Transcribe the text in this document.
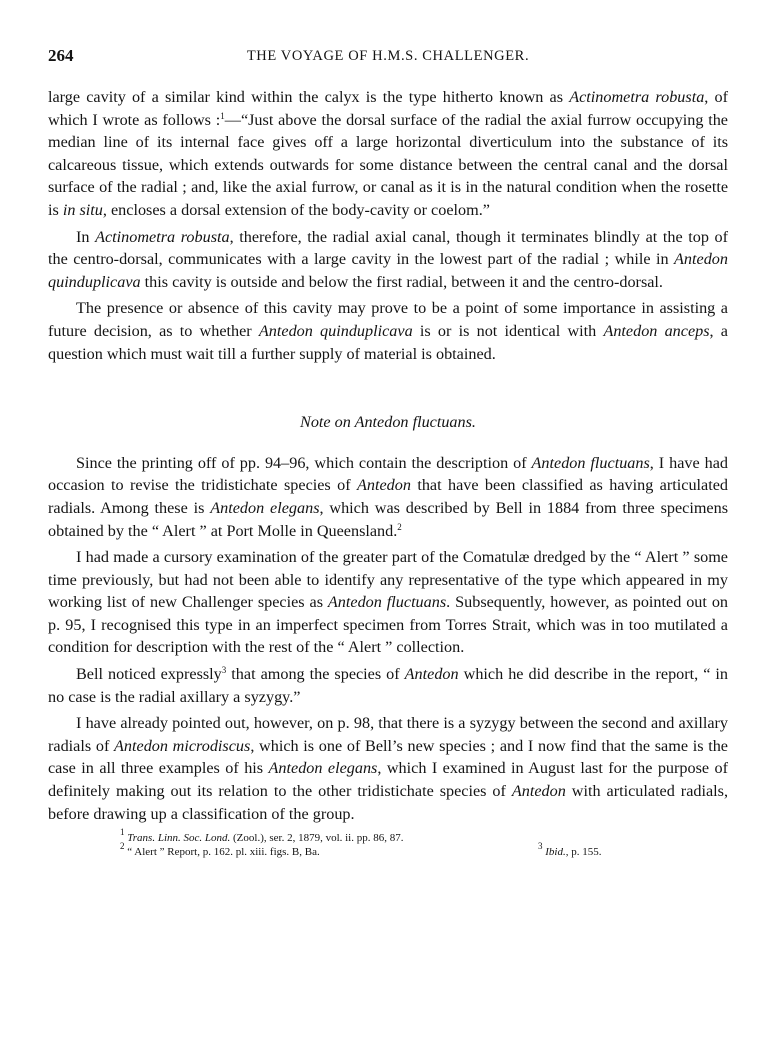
264	THE VOYAGE OF H.M.S. CHALLENGER.

large cavity of a similar kind within the calyx is the type hitherto known as Actinometra robusta, of which I wrote as follows :$^1$—“Just above the dorsal surface of the radial the axial furrow occupying the median line of its internal face gives off a large horizontal diverticulum into the substance of its calcareous tissue, which extends outwards for some distance between the central canal and the dorsal surface of the radial ; and, like the axial furrow, or canal as it is in the natural condition when the rosette is in situ, encloses a dorsal extension of the body-cavity or coelom.”

In Actinometra robusta, therefore, the radial axial canal, though it terminates blindly at the top of the centro-dorsal, communicates with a large cavity in the lowest part of the radial ; while in Antedon quinduplicava this cavity is outside and below the first radial, between it and the centro-dorsal.

The presence or absence of this cavity may prove to be a point of some importance in assisting a future decision, as to whether Antedon quinduplicava is or is not identical with Antedon anceps, a question which must wait till a further supply of material is obtained.

Note on Antedon fluctuans.

Since the printing off of pp. 94–96, which contain the description of Antedon fluctuans, I have had occasion to revise the tridistichate species of Antedon that have been classified as having articulated radials. Among these is Antedon elegans, which was described by Bell in 1884 from three specimens obtained by the “ Alert ” at Port Molle in Queensland.$^2$

I had made a cursory examination of the greater part of the Comatulæ dredged by the “ Alert ” some time previously, but had not been able to identify any representative of the type which appeared in my working list of new Challenger species as Antedon fluctuans. Subsequently, however, as pointed out on p. 95, I recognised this type in an imperfect specimen from Torres Strait, which was in too mutilated a condition for description with the rest of the “ Alert ” collection.

Bell noticed expressly$^3$ that among the species of Antedon which he did describe in the report, “ in no case is the radial axillary a syzygy.”

I have already pointed out, however, on p. 98, that there is a syzygy between the second and axillary radials of Antedon microdiscus, which is one of Bell’s new species ; and I now find that the same is the case in all three examples of his Antedon elegans, which I examined in August last for the purpose of definitely making out its relation to the other tridistichate species of Antedon with articulated radials, before drawing up a classification of the group.

$^1$ Trans. Linn. Soc. Lond. (Zool.), ser. 2, 1879, vol. ii. pp. 86, 87.
$^2$ “ Alert ” Report, p. 162. pl. xiii. figs. B, Ba.	$^3$ Ibid., p. 155.
